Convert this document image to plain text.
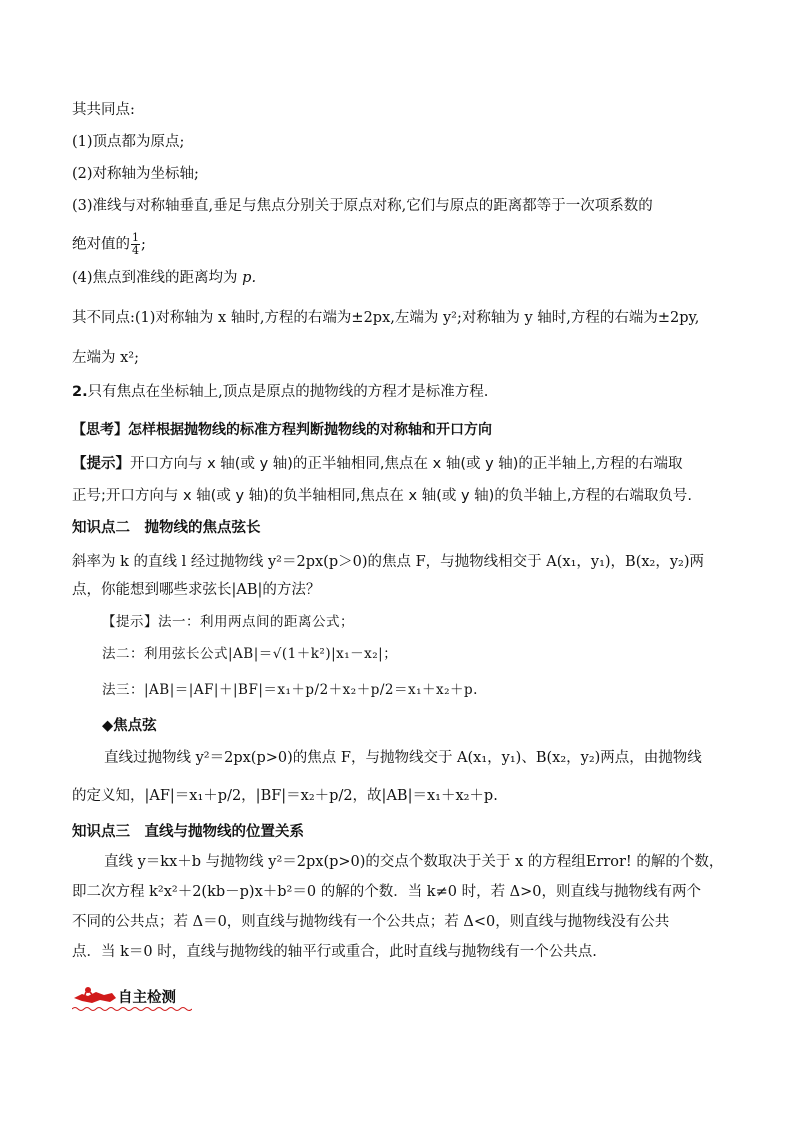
其共同点:
(1)顶点都为原点;
(2)对称轴为坐标轴;
(3)准线与对称轴垂直,垂足与焦点分别关于原点对称,它们与原点的距离都等于一次项系数的
绝对值的 $\frac{1}{4}$ ;
(4)焦点到准线的距离均为 p.
其不同点:(1)对称轴为 x 轴时,方程的右端为±2px,左端为 y²;对称轴为 y 轴时,方程的右端为±2py,
左端为 x²;
2.只有焦点在坐标轴上,顶点是原点的抛物线的方程才是标准方程.
【思考】怎样根据抛物线的标准方程判断抛物线的对称轴和开口方向
【提示】开口方向与 x 轴(或 y 轴)的正半轴相同,焦点在 x 轴(或 y 轴)的正半轴上,方程的右端取
正号;开口方向与 x 轴(或 y 轴)的负半轴相同,焦点在 x 轴(或 y 轴)的负半轴上,方程的右端取负号.
知识点二　抛物线的焦点弦长
斜率为 k 的直线 l 经过抛物线 y²＝2px(p＞0)的焦点 F，与抛物线相交于 A(x₁，y₁)，B(x₂，y₂)两
点，你能想到哪些求弦长|AB|的方法？
【提示】法一：利用两点间的距离公式；
法二：利用弦长公式|AB|＝√(1＋k²)|x₁－x₂|；
法三：|AB|＝|AF|＋|BF|＝x₁＋p/2＋x₂＋p/2＝x₁＋x₂＋p.
◆焦点弦
直线过抛物线 y²＝2px(p>0)的焦点 F，与抛物线交于 A(x₁，y₁)、B(x₂，y₂)两点，由抛物线
的定义知，|AF|＝x₁＋p/2，|BF|＝x₂＋p/2，故|AB|＝x₁＋x₂＋p.
知识点三　直线与抛物线的位置关系
直线 y＝kx＋b 与抛物线 y²＝2px(p>0)的交点个数取决于关于 x 的方程组Error! 的解的个数，
即二次方程 k²x²＋2(kb－p)x＋b²＝0 的解的个数．当 k≠0 时，若 Δ>0，则直线与抛物线有两个
不同的公共点；若 Δ＝0，则直线与抛物线有一个公共点；若 Δ<0，则直线与抛物线没有公共
点．当 k＝0 时，直线与抛物线的轴平行或重合，此时直线与抛物线有一个公共点.
自主检测
